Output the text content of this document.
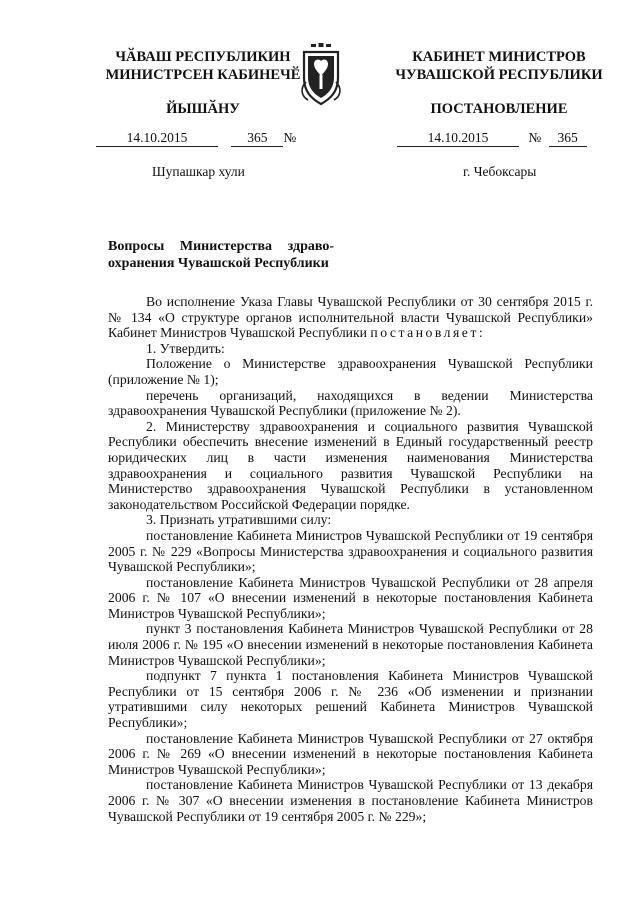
ЧӐВАШ РЕСПУБЛИКИН
МИНИСТРСЕН КАБИНЕЧӖ
ЙЫШӐНУ
КАБИНЕТ МИНИСТРОВ
ЧУВАШСКОЙ РЕСПУБЛИКИ
ПОСТАНОВЛЕНИЕ
14.10.2015	365 №	14.10.2015	№ 365
Шупашкар хули	г. Чебоксары
Вопросы Министерства здраво-
охранения Чувашской Республики

Во исполнение Указа Главы Чувашской Республики от 30 сентября 2015 г. № 134 «О структуре органов исполнительной власти Чувашской Республики» Кабинет Министров Чувашской Республики постановляет:

1. Утвердить:

Положение о Министерстве здравоохранения Чувашской Республики (приложение № 1);

перечень организаций, находящихся в ведении Министерства здравоохранения Чувашской Республики (приложение № 2).

2. Министерству здравоохранения и социального развития Чувашской Республики обеспечить внесение изменений в Единый государственный реестр юридических лиц в части изменения наименования Министерства здравоохранения и социального развития Чувашской Республики на Министерство здравоохранения Чувашской Республики в установленном законодательством Российской Федерации порядке.

3. Признать утратившими силу:

постановление Кабинета Министров Чувашской Республики от 19 сентября 2005 г. № 229 «Вопросы Министерства здравоохранения и социального развития Чувашской Республики»;

постановление Кабинета Министров Чувашской Республики от 28 апреля 2006 г. № 107 «О внесении изменений в некоторые постановления Кабинета Министров Чувашской Республики»;

пункт 3 постановления Кабинета Министров Чувашской Республики от 28 июля 2006 г. № 195 «О внесении изменений в некоторые постановления Кабинета Министров Чувашской Республики»;

подпункт 7 пункта 1 постановления Кабинета Министров Чувашской Республики от 15 сентября 2006 г. № 236 «Об изменении и признании утратившими силу некоторых решений Кабинета Министров Чувашской Республики»;

постановление Кабинета Министров Чувашской Республики от 27 октября 2006 г. № 269 «О внесении изменений в некоторые постановления Кабинета Министров Чувашской Республики»;

постановление Кабинета Министров Чувашской Республики от 13 декабря 2006 г. № 307 «О внесении изменения в постановление Кабинета Министров Чувашской Республики от 19 сентября 2005 г. № 229»;
